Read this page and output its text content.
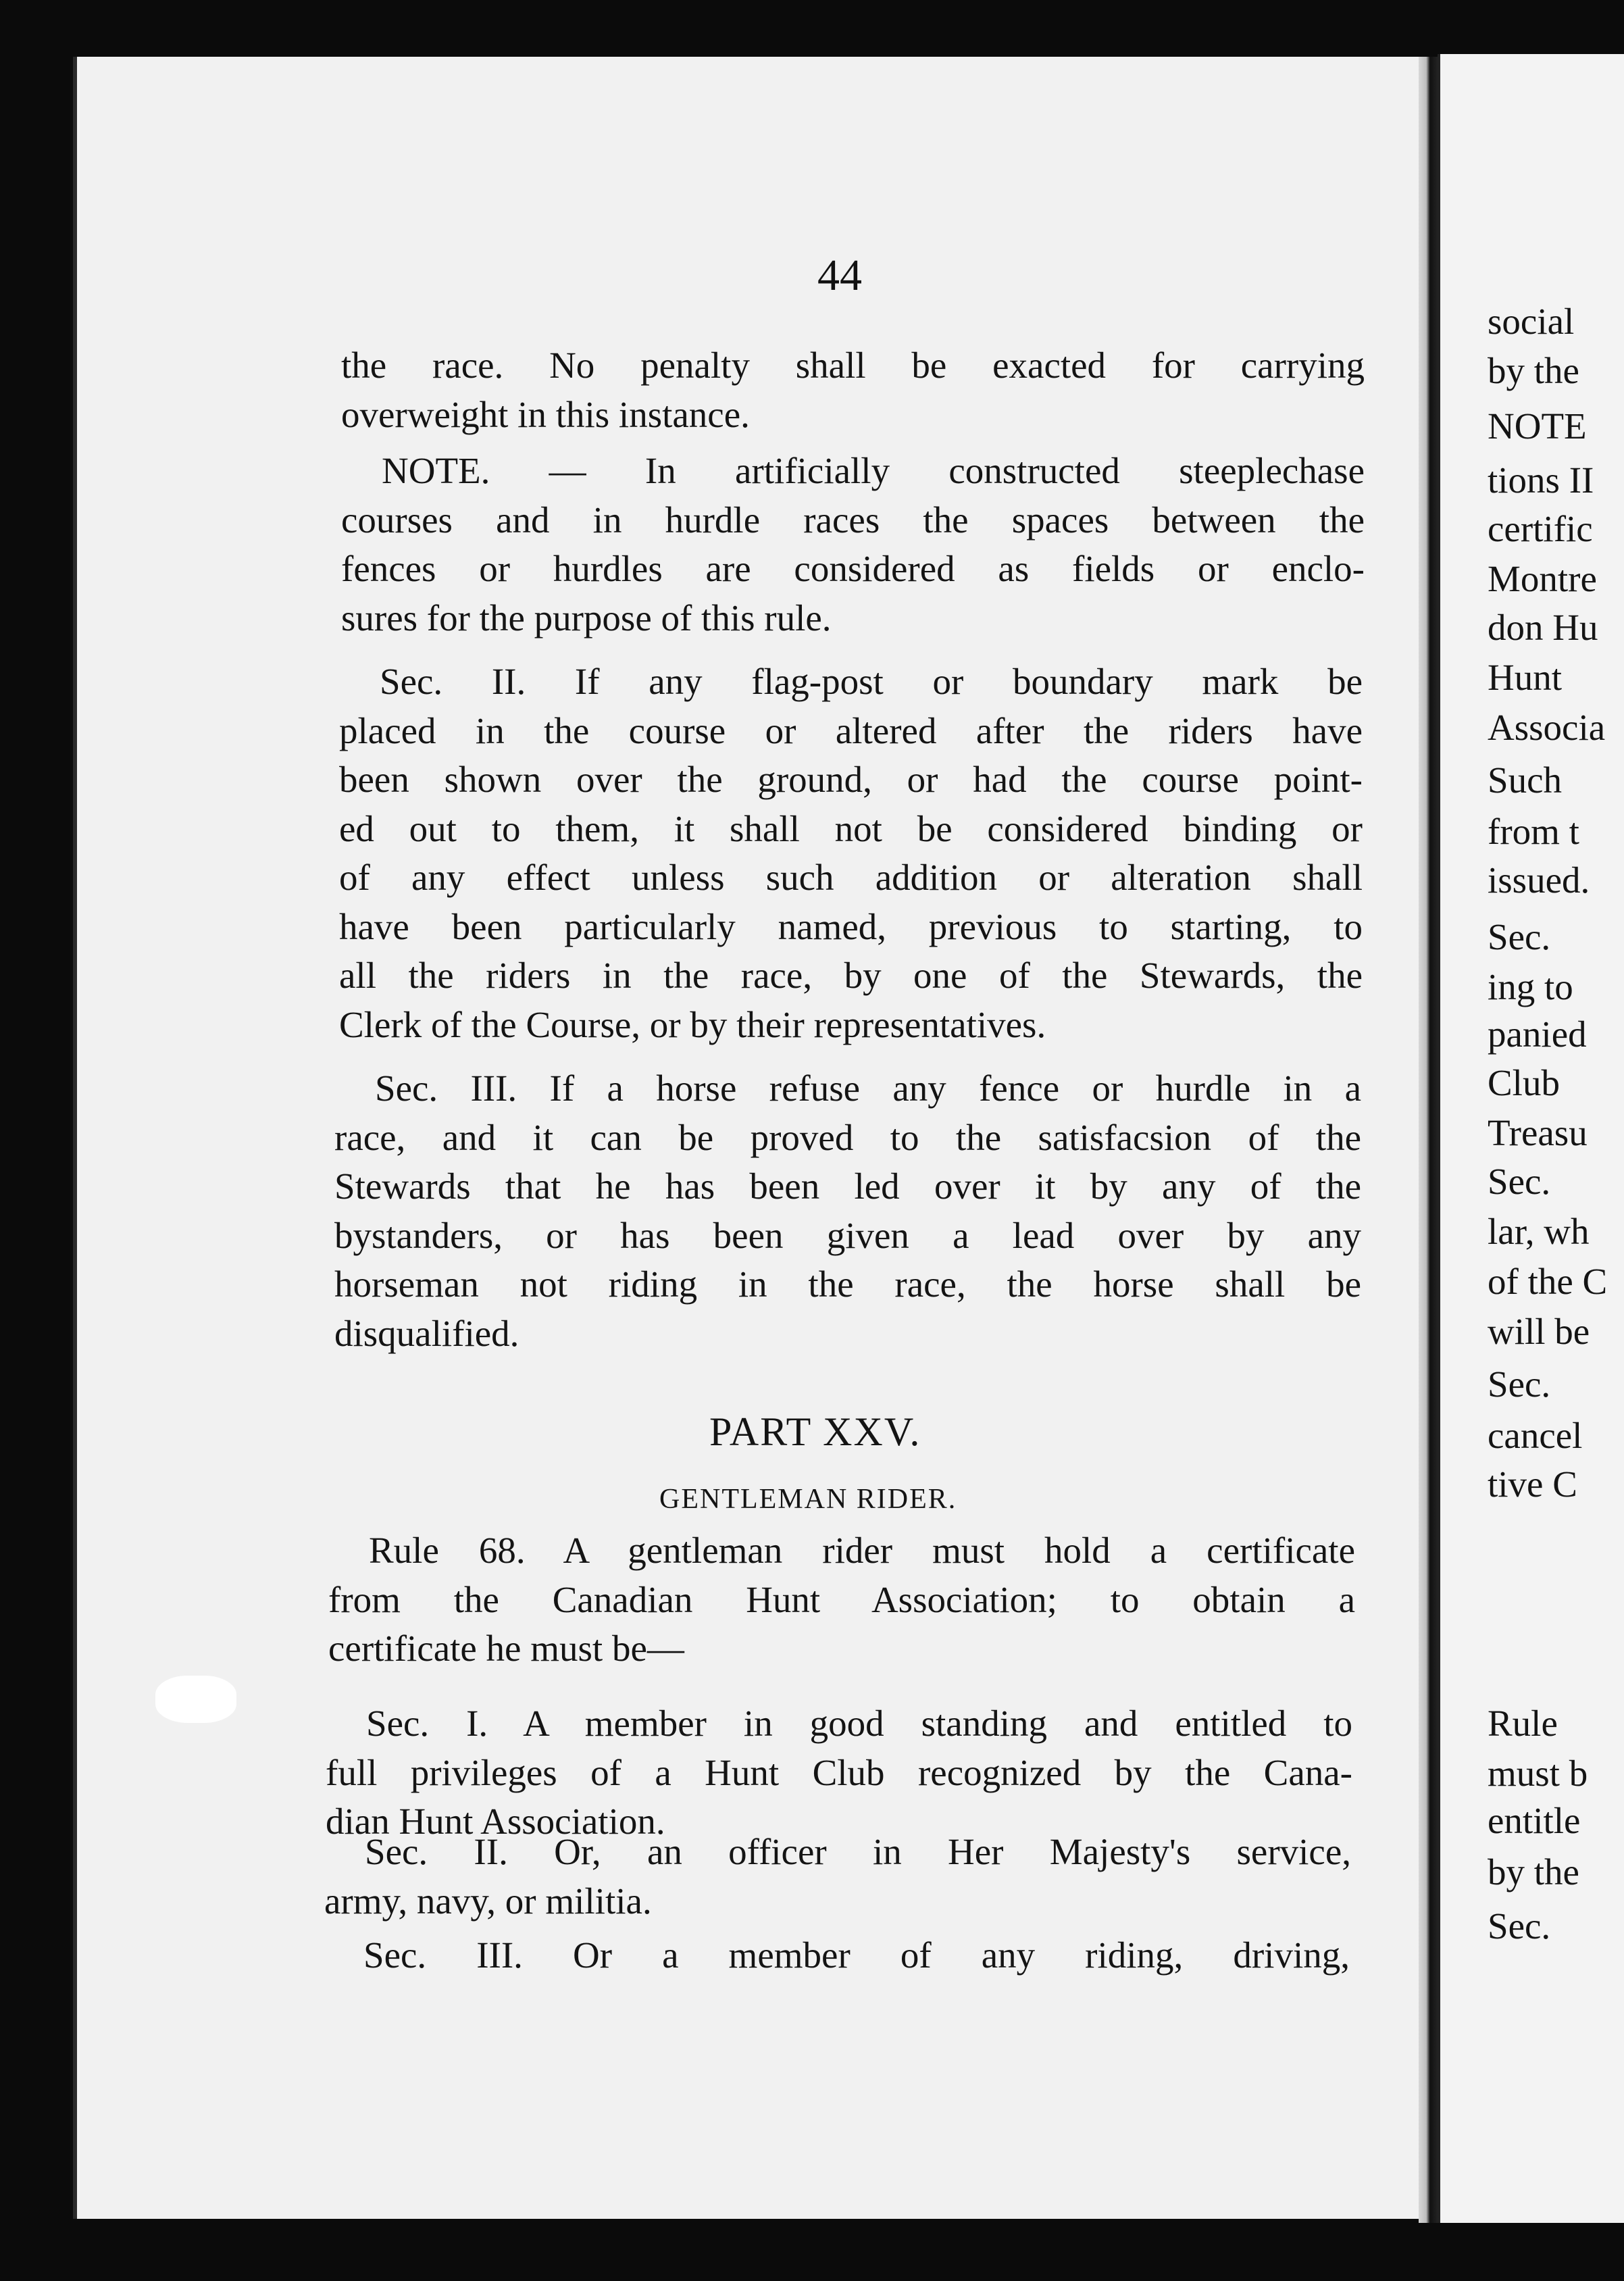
44
the race. No penalty shall be exacted for carrying
overweight in this instance.
NOTE. — In artificially constructed steeplechase
courses and in hurdle races the spaces between the
fences or hurdles are considered as fields or enclo-
sures for the purpose of this rule.
Sec. II. If any flag-post or boundary mark be
placed in the course or altered after the riders have
been shown over the ground, or had the course point-
ed out to them, it shall not be considered binding or
of any effect unless such addition or alteration shall
have been particularly named, previous to starting, to
all the riders in the race, by one of the Stewards, the
Clerk of the Course, or by their representatives.
Sec. III. If a horse refuse any fence or hurdle in a
race, and it can be proved to the satisfacsion of the
Stewards that he has been led over it by any of the
bystanders, or has been given a lead over by any
horseman not riding in the race, the horse shall be
disqualified.
Rule 68. A gentleman rider must hold a certificate
from the Canadian Hunt Association; to obtain a
certificate he must be—
Sec. I. A member in good standing and entitled to
full privileges of a Hunt Club recognized by the Cana-
dian Hunt Association.
Sec. II. Or, an officer in Her Majesty's service,
army, navy, or militia.
Sec. III. Or a member of any riding, driving,
PART XXV.
GENTLEMAN RIDER.
social
by the
NOTE
tions II
certific
Montre
don Hu
Hunt
Associa
Such
from t
issued.
Sec.
ing to
panied
Club
Treasu
Sec.
lar, wh
of the C
will be
Sec.
cancel
tive C
Rule
must b
entitle
by the
Sec.
